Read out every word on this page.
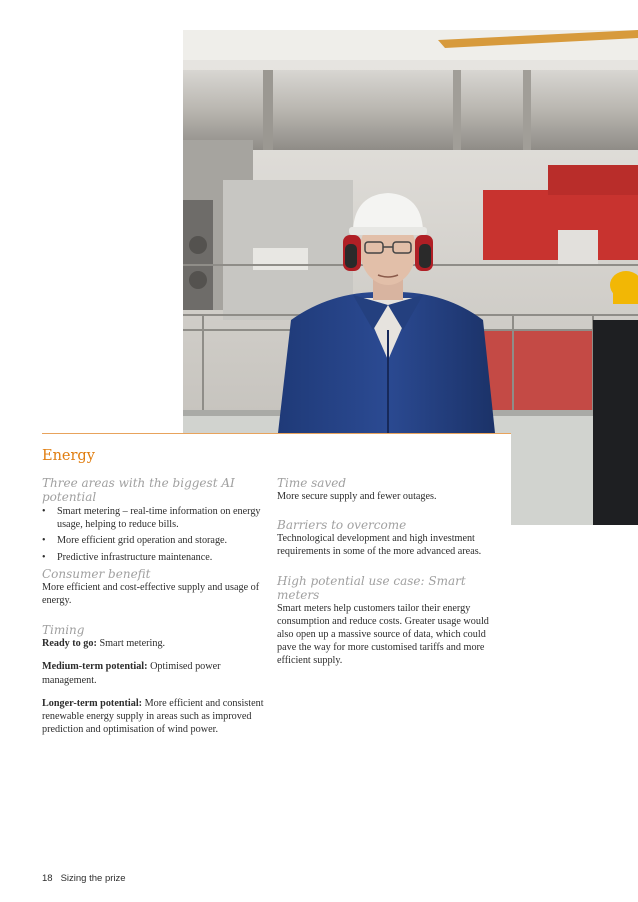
Energy
Three areas with the biggest AI potential
• Smart metering – real-time information on energy usage, helping to reduce bills.
• More efficient grid operation and storage.
• Predictive infrastructure maintenance.
Consumer benefit

More efficient and cost-effective supply and usage of energy.

Timing

Ready to go: Smart metering.

Medium-term potential: Optimised power management.

Longer-term potential: More efficient and consistent renewable energy supply in areas such as improved prediction and optimisation of wind power.

Time saved

More secure supply and fewer outages.

Barriers to overcome

Technological development and high investment requirements in some of the more advanced areas.

High potential use case: Smart meters

Smart meters help customers tailor their energy consumption and reduce costs. Greater usage would also open up a massive source of data, which could pave the way for more customised tariffs and more efficient supply.

18 Sizing the prize
